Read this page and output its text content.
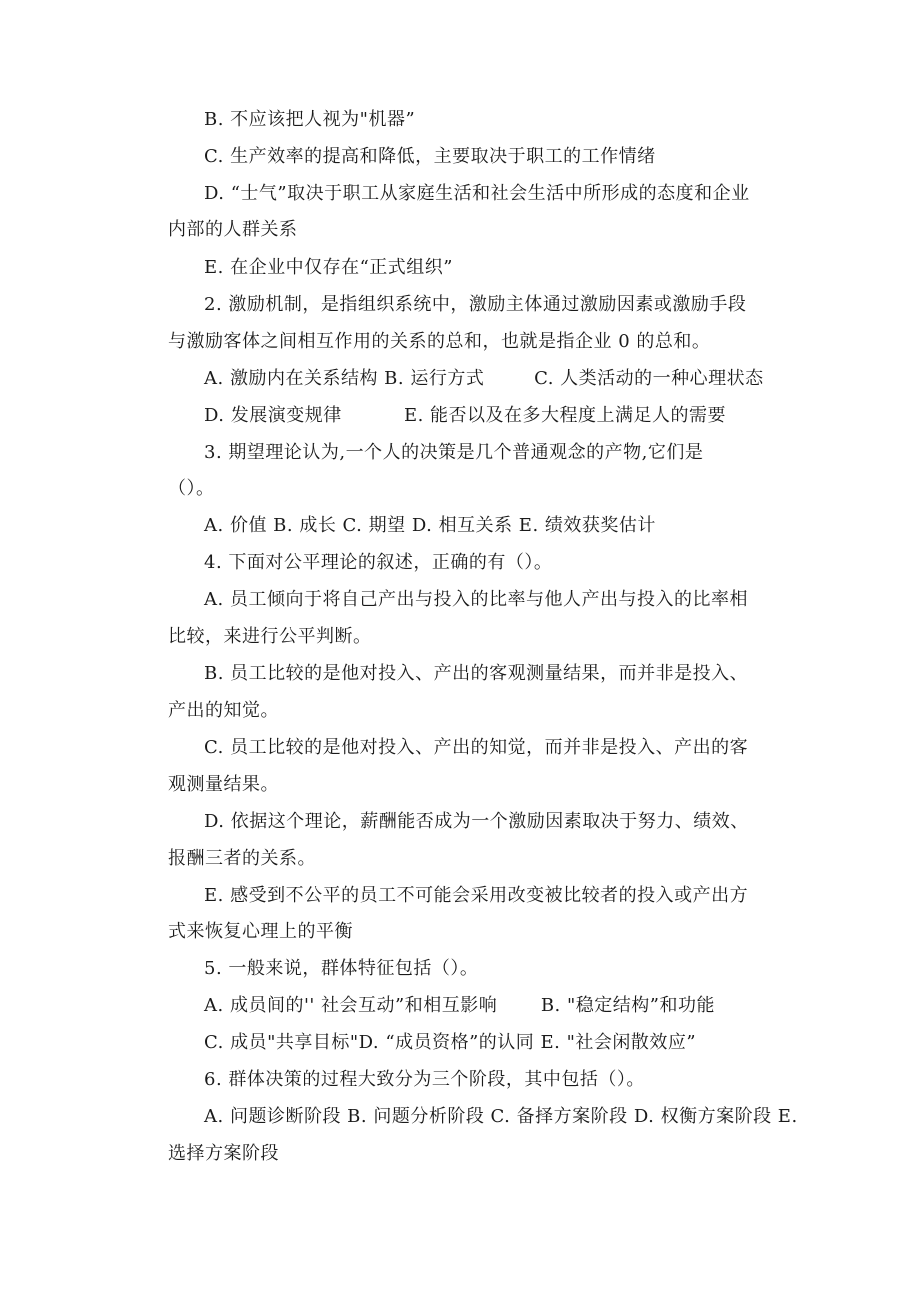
B. 不应该把人视为"机器”
C. 生产效率的提高和降低，主要取决于职工的工作情绪
D. “士气”取决于职工从家庭生活和社会生活中所形成的态度和企业
内部的人群关系
E. 在企业中仅存在“正式组织”
2. 激励机制，是指组织系统中，激励主体通过激励因素或激励手段
与激励客体之间相互作用的关系的总和，也就是指企业 0 的总和。
A. 激励内在关系结构 B. 运行方式        C. 人类活动的一种心理状态
D. 发展演变规律          E. 能否以及在多大程度上满足人的需要
3. 期望理论认为,一个人的决策是几个普通观念的产物,它们是
（）。
A. 价值 B. 成长 C. 期望 D. 相互关系 E. 绩效获奖估计
4. 下面对公平理论的叙述，正确的有（）。
A. 员工倾向于将自己产出与投入的比率与他人产出与投入的比率相
比较，来进行公平判断。
B. 员工比较的是他对投入、产出的客观测量结果，而并非是投入、
产出的知觉。
C. 员工比较的是他对投入、产出的知觉，而并非是投入、产出的客
观测量结果。
D. 依据这个理论，薪酬能否成为一个激励因素取决于努力、绩效、
报酬三者的关系。
E. 感受到不公平的员工不可能会采用改变被比较者的投入或产出方
式来恢复心理上的平衡
5. 一般来说，群体特征包括（）。
A. 成员间的'' 社会互动”和相互影响       B. "稳定结构”和功能
C. 成员"共享目标"D. “成员资格”的认同 E. "社会闲散效应”
6. 群体决策的过程大致分为三个阶段，其中包括（）。
A. 问题诊断阶段 B. 问题分析阶段 C. 备择方案阶段 D. 权衡方案阶段 E.
选择方案阶段
